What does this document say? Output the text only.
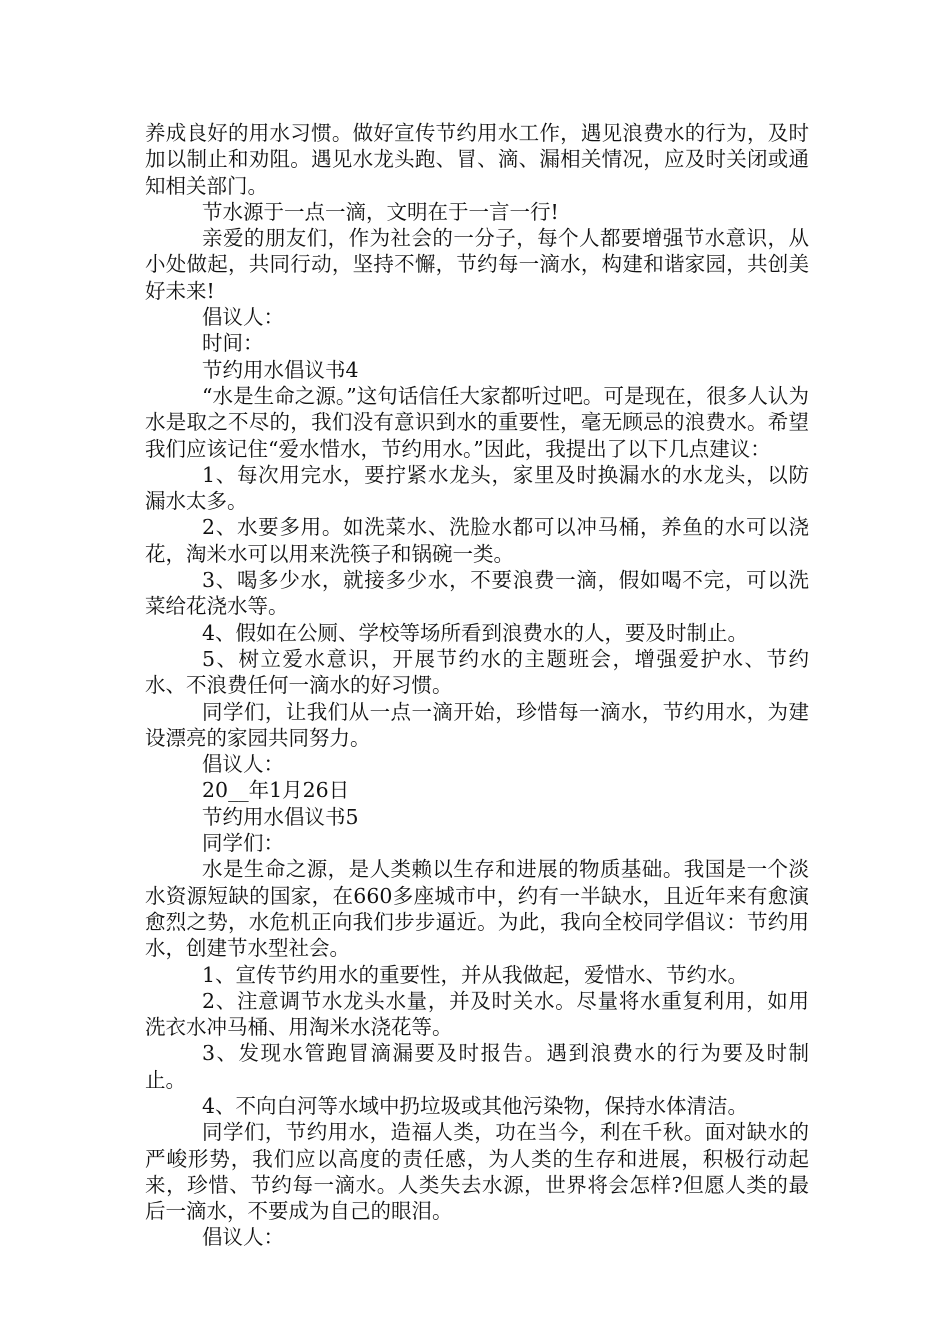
养成良好的用水习惯。做好宣传节约用水工作，遇见浪费水的行为，及时加以制止和劝阻。遇见水龙头跑、冒、滴、漏相关情况，应及时关闭或通知相关部门。

节水源于一点一滴，文明在于一言一行!

亲爱的朋友们，作为社会的一分子，每个人都要增强节水意识，从小处做起，共同行动，坚持不懈，节约每一滴水，构建和谐家园，共创美好未来!

倡议人：

时间：

节约用水倡议书4

“水是生命之源。”这句话信任大家都听过吧。可是现在，很多人认为水是取之不尽的，我们没有意识到水的重要性，毫无顾忌的浪费水。希望我们应该记住“爱水惜水，节约用水。”因此，我提出了以下几点建议：

1、每次用完水，要拧紧水龙头，家里及时换漏水的水龙头，以防漏水太多。

2、水要多用。如洗菜水、洗脸水都可以冲马桶，养鱼的水可以浇花，淘米水可以用来洗筷子和锅碗一类。

3、喝多少水，就接多少水，不要浪费一滴，假如喝不完，可以洗菜给花浇水等。

4、假如在公厕、学校等场所看到浪费水的人，要及时制止。

5、树立爱水意识，开展节约水的主题班会，增强爱护水、节约水、不浪费任何一滴水的好习惯。

同学们，让我们从一点一滴开始，珍惜每一滴水，节约用水，为建设漂亮的家园共同努力。

倡议人：

20__年1月26日

节约用水倡议书5

同学们：

水是生命之源，是人类赖以生存和进展的物质基础。我国是一个淡水资源短缺的国家，在660多座城市中，约有一半缺水，且近年来有愈演愈烈之势，水危机正向我们步步逼近。为此，我向全校同学倡议：节约用水，创建节水型社会。

1、宣传节约用水的重要性，并从我做起，爱惜水、节约水。

2、注意调节水龙头水量，并及时关水。尽量将水重复利用，如用洗衣水冲马桶、用淘米水浇花等。

3、发现水管跑冒滴漏要及时报告。遇到浪费水的行为要及时制止。

4、不向白河等水域中扔垃圾或其他污染物，保持水体清洁。

同学们，节约用水，造福人类，功在当今，利在千秋。面对缺水的严峻形势，我们应以高度的责任感，为人类的生存和进展，积极行动起来，珍惜、节约每一滴水。人类失去水源，世界将会怎样?但愿人类的最后一滴水，不要成为自己的眼泪。

倡议人：
